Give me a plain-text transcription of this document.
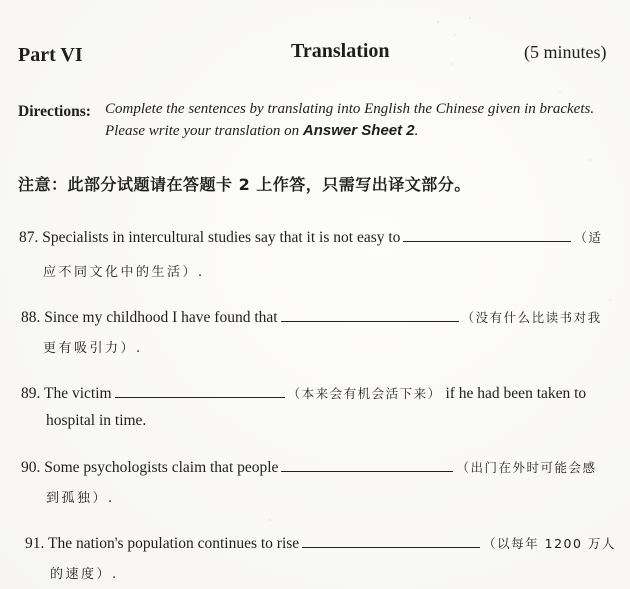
Part VI	Translation	(5 minutes)
Directions: Complete the sentences by translating into English the Chinese given in brackets.
Please write your translation on Answer Sheet 2.
注意：此部分试题请在答题卡 2 上作答，只需写出译文部分。
87. Specialists in intercultural studies say that it is not easy to	（适
应不同文化中的生活）.
88. Since my childhood I have found that	（没有什么比读书对我
更有吸引力）.
89. The victim	（本来会有机会活下来） if he had been taken to
hospital in time.
90. Some psychologists claim that people	（出门在外时可能会感
到孤独）.
91. The nation's population continues to rise	（以每年 1200 万人
的速度）.
